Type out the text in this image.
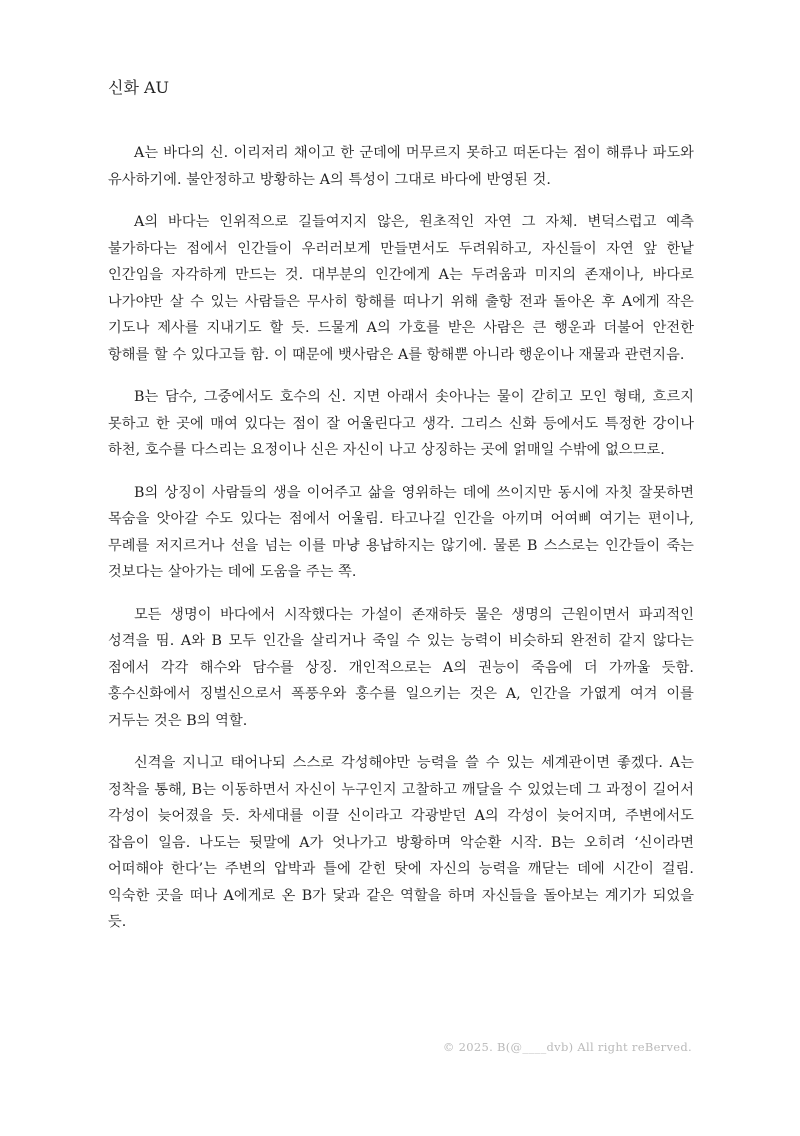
신화 AU

A는 바다의 신. 이리저리 채이고 한 군데에 머무르지 못하고 떠돈다는 점이 해류나 파도와 유사하기에. 불안정하고 방황하는 A의 특성이 그대로 바다에 반영된 것.

A의 바다는 인위적으로 길들여지지 않은, 원초적인 자연 그 자체. 변덕스럽고 예측 불가하다는 점에서 인간들이 우러러보게 만들면서도 두려워하고, 자신들이 자연 앞 한낱 인간임을 자각하게 만드는 것. 대부분의 인간에게 A는 두려움과 미지의 존재이나, 바다로 나가야만 살 수 있는 사람들은 무사히 항해를 떠나기 위해 출항 전과 돌아온 후 A에게 작은 기도나 제사를 지내기도 할 듯. 드물게 A의 가호를 받은 사람은 큰 행운과 더불어 안전한 항해를 할 수 있다고들 함. 이 때문에 뱃사람은 A를 항해뿐 아니라 행운이나 재물과 관련지음.

B는 담수, 그중에서도 호수의 신. 지면 아래서 솟아나는 물이 갇히고 모인 형태, 흐르지 못하고 한 곳에 매여 있다는 점이 잘 어울린다고 생각. 그리스 신화 등에서도 특정한 강이나 하천, 호수를 다스리는 요정이나 신은 자신이 나고 상징하는 곳에 얽매일 수밖에 없으므로.

B의 상징이 사람들의 생을 이어주고 삶을 영위하는 데에 쓰이지만 동시에 자칫 잘못하면 목숨을 앗아갈 수도 있다는 점에서 어울림. 타고나길 인간을 아끼며 어여삐 여기는 편이나, 무례를 저지르거나 선을 넘는 이를 마냥 용납하지는 않기에. 물론 B 스스로는 인간들이 죽는 것보다는 살아가는 데에 도움을 주는 쪽.

모든 생명이 바다에서 시작했다는 가설이 존재하듯 물은 생명의 근원이면서 파괴적인 성격을 띰. A와 B 모두 인간을 살리거나 죽일 수 있는 능력이 비슷하되 완전히 같지 않다는 점에서 각각 해수와 담수를 상징. 개인적으로는 A의 권능이 죽음에 더 가까울 듯함. 홍수신화에서 징벌신으로서 폭풍우와 홍수를 일으키는 것은 A, 인간을 가엾게 여겨 이를 거두는 것은 B의 역할.

신격을 지니고 태어나되 스스로 각성해야만 능력을 쓸 수 있는 세계관이면 좋겠다. A는 정착을 통해, B는 이동하면서 자신이 누구인지 고찰하고 깨달을 수 있었는데 그 과정이 길어서 각성이 늦어졌을 듯. 차세대를 이끌 신이라고 각광받던 A의 각성이 늦어지며, 주변에서도 잡음이 일음. 나도는 뒷말에 A가 엇나가고 방황하며 악순환 시작. B는 오히려 ‘신이라면 어떠해야 한다’는 주변의 압박과 틀에 갇힌 탓에 자신의 능력을 깨닫는 데에 시간이 걸림. 익숙한 곳을 떠나 A에게로 온 B가 닻과 같은 역할을 하며 자신들을 돌아보는 계기가 되었을 듯.

© 2025. B(@____dvb) All right reBerved.
